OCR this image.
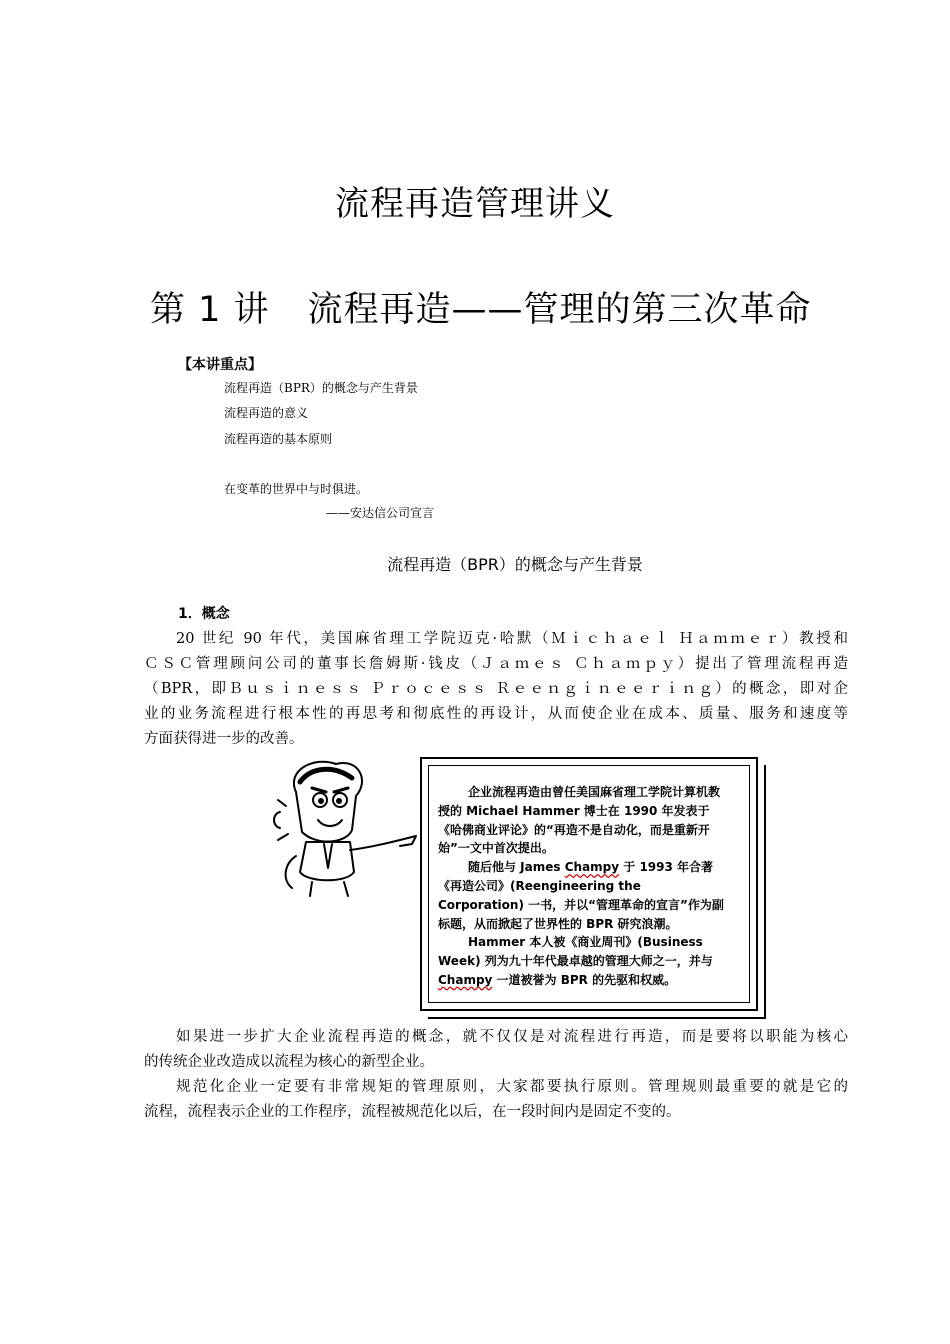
流程再造管理讲义
第 1 讲 流程再造——管理的第三次革命
【本讲重点】
流程再造（BPR）的概念与产生背景
流程再造的意义
流程再造的基本原则
在变革的世界中与时俱进。
——安达信公司宣言
流程再造（BPR）的概念与产生背景
1．概念
20 世纪 90 年代，美国麻省理工学院迈克·哈默（Ｍｉｃｈａｅｌ Ｈａｍｍｅｒ）教授和
ＣＳＣ管理顾问公司的董事长詹姆斯·钱皮（Ｊａｍｅｓ Ｃｈａｍｐｙ）提出了管理流程再造
（BPR，即Ｂｕｓｉｎｅｓｓ Ｐｒｏｃｅｓｓ Ｒｅｅｎｇｉｎｅｅｒｉｎｇ）的概念，即对企
业的业务流程进行根本性的再思考和彻底性的再设计，从而使企业在成本、质量、服务和速度等
方面获得进一步的改善。

企业流程再造由曾任美国麻省理工学院计算机教授的 Michael Hammer 博士在 1990 年发表于《哈佛商业评论》的“再造不是自动化，而是重新开始”一文中首次提出。

随后他与 James Champy 于 1993 年合著《再造公司》(Reengineering the Corporation) 一书，并以“管理革命的宣言”作为副标题，从而掀起了世界性的 BPR 研究浪潮。

Hammer 本人被《商业周刊》(Business Week) 列为九十年代最卓越的管理大师之一，并与 Champy 一道被誉为 BPR 的先驱和权威。

如果进一步扩大企业流程再造的概念，就不仅仅是对流程进行再造，而是要将以职能为核心
的传统企业改造成以流程为核心的新型企业。
规范化企业一定要有非常规矩的管理原则，大家都要执行原则。管理规则最重要的就是它的
流程，流程表示企业的工作程序，流程被规范化以后，在一段时间内是固定不变的。
